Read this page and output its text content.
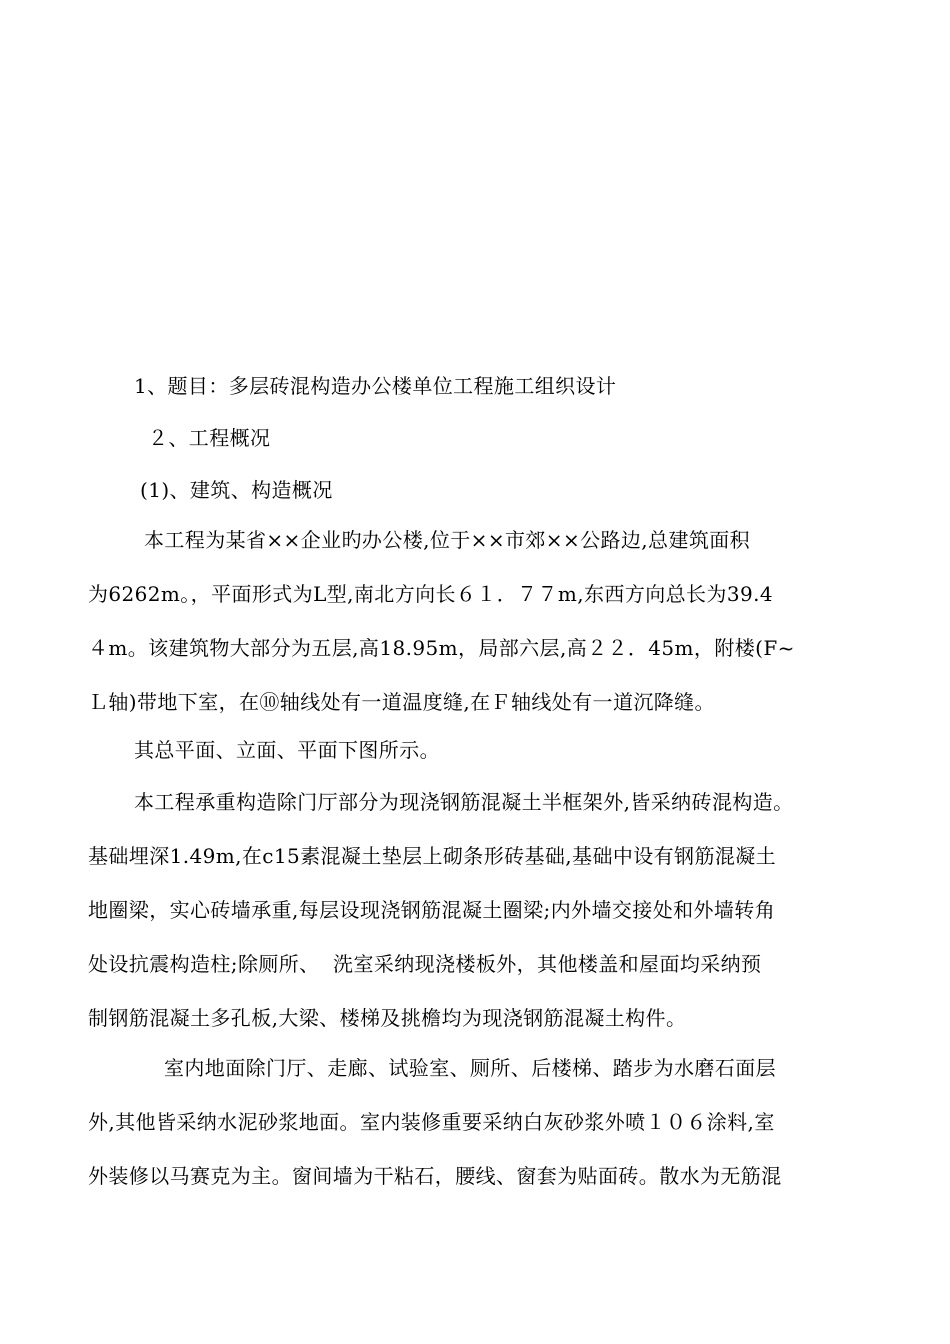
1、题目：多层砖混构造办公楼单位工程施工组织设计
２、工程概况
(1)、建筑、构造概况
本工程为某省××企业旳办公楼,位于××市郊××公路边,总建筑面积
为6262m。，平面形式为L型,南北方向长６１．７７m,东西方向总长为39.4
４m。该建筑物大部分为五层,高18.95m，局部六层,高２２．45m，附楼(F~
Ｌ轴)带地下室，在⑩轴线处有一道温度缝,在Ｆ轴线处有一道沉降缝。
其总平面、立面、平面下图所示。
本工程承重构造除门厅部分为现浇钢筋混凝土半框架外,皆采纳砖混构造。
基础埋深1.49m,在c15素混凝土垫层上砌条形砖基础,基础中设有钢筋混凝土
地圈梁，实心砖墙承重,每层设现浇钢筋混凝土圈梁;内外墙交接处和外墙转角
处设抗震构造柱;除厕所、  洗室采纳现浇楼板外，其他楼盖和屋面均采纳预
制钢筋混凝土多孔板,大梁、楼梯及挑檐均为现浇钢筋混凝土构件。
室内地面除门厅、走廊、试验室、厕所、后楼梯、踏步为水磨石面层
外,其他皆采纳水泥砂浆地面。室内装修重要采纳白灰砂浆外喷１０６涂料,室
外装修以马赛克为主。窗间墙为干粘石，腰线、窗套为贴面砖。散水为无筋混
